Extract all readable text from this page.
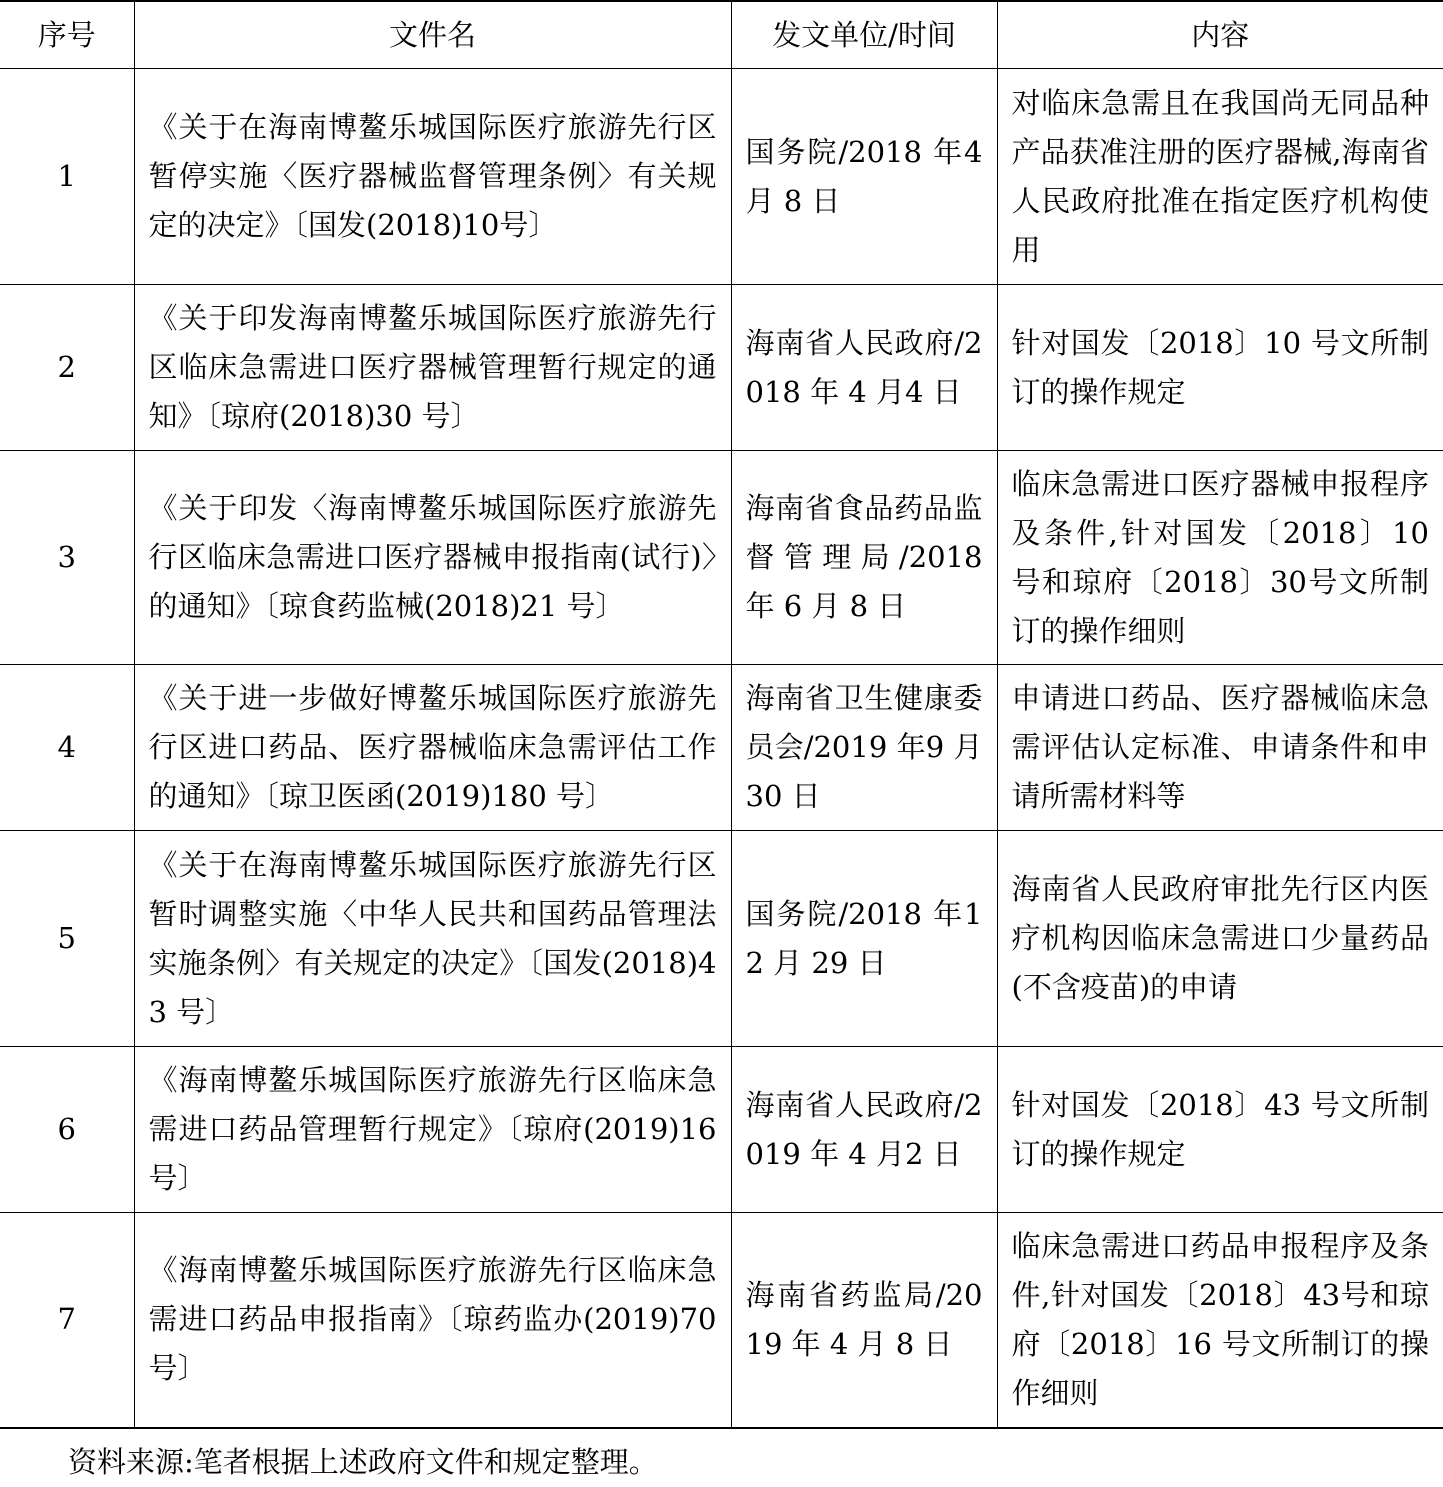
序号	文件名	发文单位/时间	内容
1	《关于在海南博鳌乐城国际医疗旅游先行区暂停实施〈医疗器械监督管理条例〉有关规定的决定》〔国发(2018)10号〕	国务院/2018 年4 月 8 日	对临床急需且在我国尚无同品种产品获准注册的医疗器械,海南省人民政府批准在指定医疗机构使用
2	《关于印发海南博鳌乐城国际医疗旅游先行区临床急需进口医疗器械管理暂行规定的通知》〔琼府(2018)30 号〕	海南省人民政府/2018 年 4 月4 日	针对国发〔2018〕10 号文所制订的操作规定
3	《关于印发〈海南博鳌乐城国际医疗旅游先行区临床急需进口医疗器械申报指南(试行)〉的通知》〔琼食药监械(2018)21 号〕	海南省食品药品监督管理局/2018 年 6 月 8 日	临床急需进口医疗器械申报程序及条件,针对国发〔2018〕10 号和琼府〔2018〕30号文所制订的操作细则
4	《关于进一步做好博鳌乐城国际医疗旅游先行区进口药品、医疗器械临床急需评估工作的通知》〔琼卫医函(2019)180 号〕	海南省卫生健康委员会/2019 年9 月 30 日	申请进口药品、医疗器械临床急需评估认定标准、申请条件和申请所需材料等
5	《关于在海南博鳌乐城国际医疗旅游先行区暂时调整实施〈中华人民共和国药品管理法实施条例〉有关规定的决定》〔国发(2018)43 号〕	国务院/2018 年12 月 29 日	海南省人民政府审批先行区内医疗机构因临床急需进口少量药品(不含疫苗)的申请
6	《海南博鳌乐城国际医疗旅游先行区临床急需进口药品管理暂行规定》〔琼府(2019)16 号〕	海南省人民政府/2019 年 4 月2 日	针对国发〔2018〕43 号文所制订的操作规定
7	《海南博鳌乐城国际医疗旅游先行区临床急需进口药品申报指南》〔琼药监办(2019)70 号〕	海南省药监局/2019 年 4 月 8 日	临床急需进口药品申报程序及条件,针对国发〔2018〕43号和琼府〔2018〕16 号文所制订的操作细则
资料来源:笔者根据上述政府文件和规定整理。
